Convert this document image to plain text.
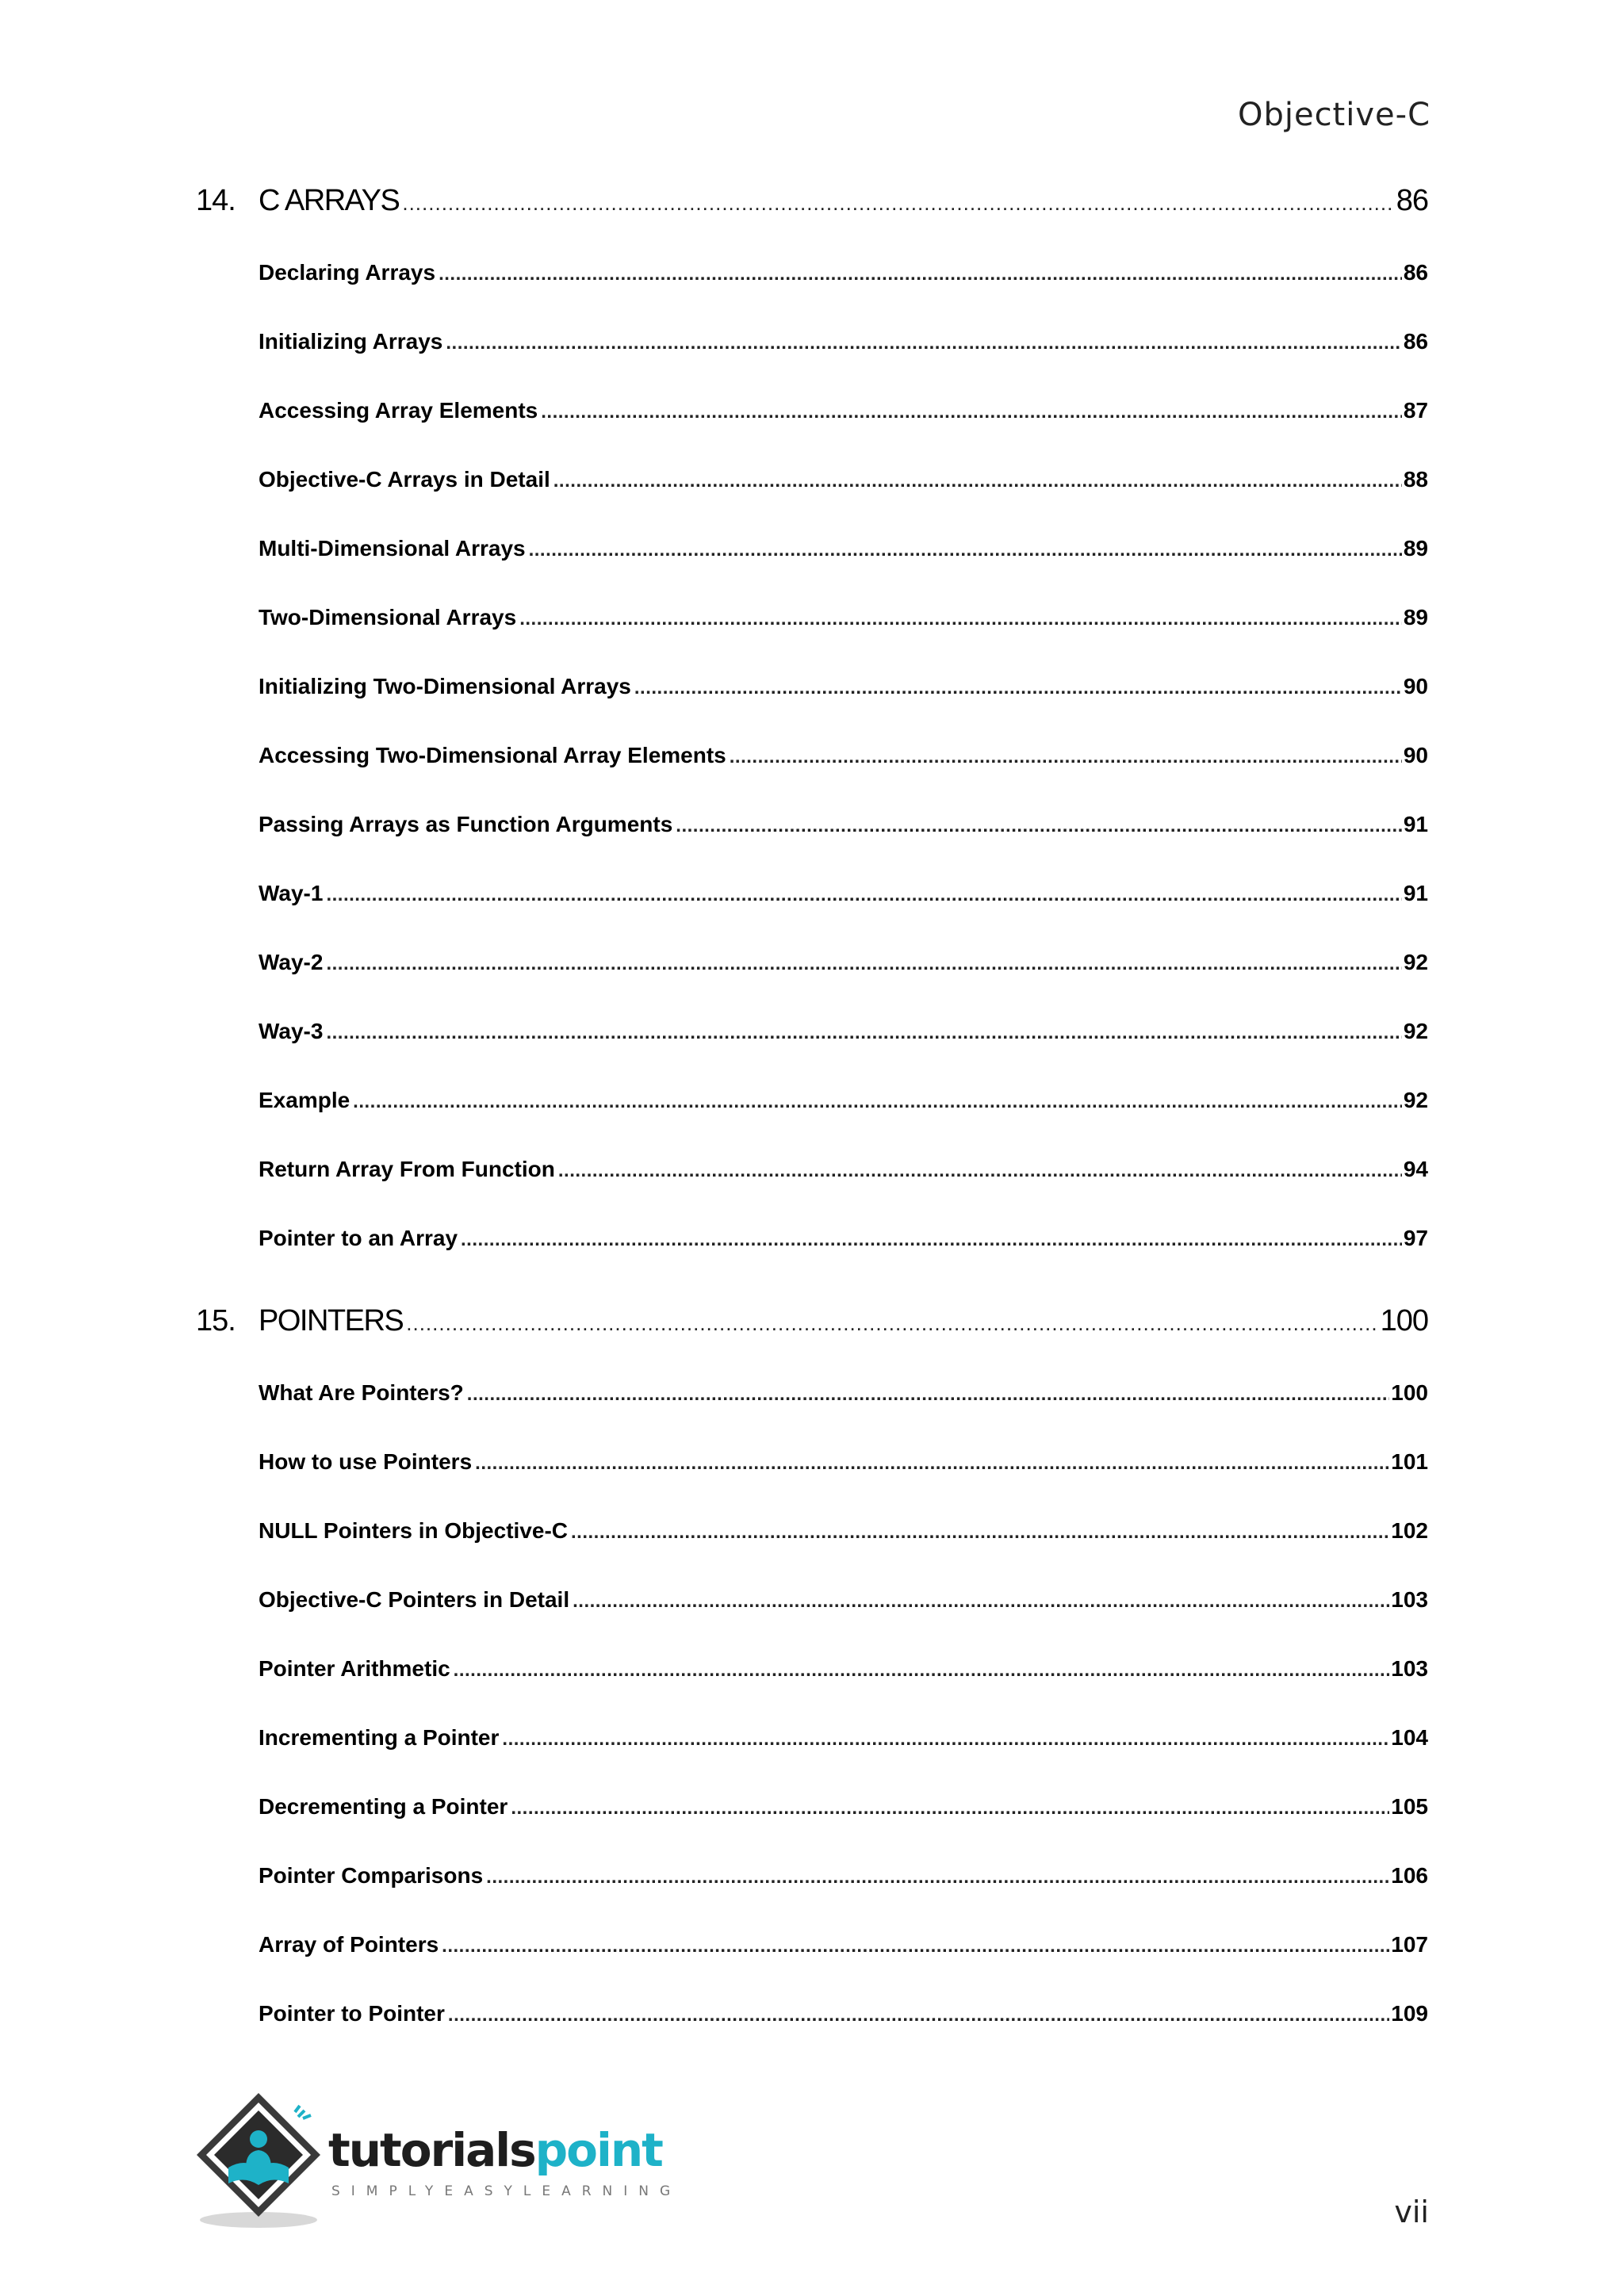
Objective-C
14. C ARRAYS .....	86
Declaring Arrays .....	86
Initializing Arrays .....	86
Accessing Array Elements .....	87
Objective-C Arrays in Detail .....	88
Multi-Dimensional Arrays .....	89
Two-Dimensional Arrays .....	89
Initializing Two-Dimensional Arrays .....	90
Accessing Two-Dimensional Array Elements .....	90
Passing Arrays as Function Arguments .....	91
Way-1 .....	91
Way-2 .....	92
Way-3 .....	92
Example .....	92
Return Array From Function .....	94
Pointer to an Array .....	97
15. POINTERS .....	100
What Are Pointers? .....	100
How to use Pointers .....	101
NULL Pointers in Objective-C .....	102
Objective-C Pointers in Detail .....	103
Pointer Arithmetic .....	103
Incrementing a Pointer .....	104
Decrementing a Pointer .....	105
Pointer Comparisons .....	106
Array of Pointers .....	107
Pointer to Pointer .....	109
tutorialspoint
SIMPLYEASYLEARNING
vii
